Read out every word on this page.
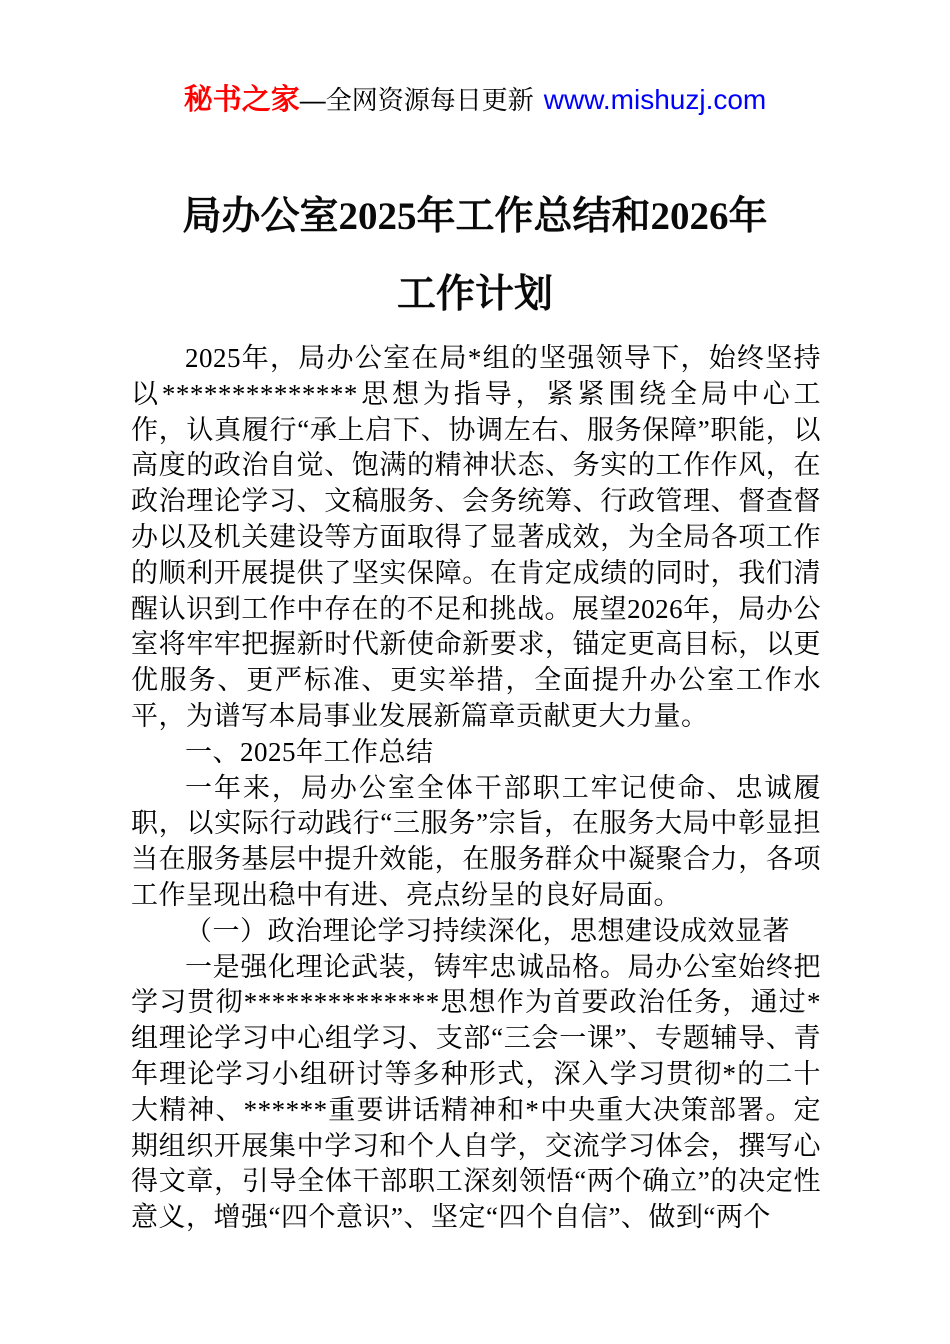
秘书之家—全网资源每日更新 www.mishuzj.com
局办公室2025年工作总结和2026年
工作计划

2025年，局办公室在局*组的坚强领导下，始终坚持以**************思想为指导，紧紧围绕全局中心工作，认真履行“承上启下、协调左右、服务保障”职能，以高度的政治自觉、饱满的精神状态、务实的工作作风，在政治理论学习、文稿服务、会务统筹、行政管理、督查督办以及机关建设等方面取得了显著成效，为全局各项工作的顺利开展提供了坚实保障。在肯定成绩的同时，我们清醒认识到工作中存在的不足和挑战。展望2026年，局办公室将牢牢把握新时代新使命新要求，锚定更高目标，以更优服务、更严标准、更实举措，全面提升办公室工作水平，为谱写本局事业发展新篇章贡献更大力量。

一、2025年工作总结

一年来，局办公室全体干部职工牢记使命、忠诚履职，以实际行动践行“三服务”宗旨，在服务大局中彰显担当在服务基层中提升效能，在服务群众中凝聚合力，各项工作呈现出稳中有进、亮点纷呈的良好局面。

（一）政治理论学习持续深化，思想建设成效显著

一是强化理论武装，铸牢忠诚品格。局办公室始终把学习贯彻**************思想作为首要政治任务，通过*组理论学习中心组学习、支部“三会一课”、专题辅导、青年理论学习小组研讨等多种形式，深入学习贯彻*的二十大精神、******重要讲话精神和*中央重大决策部署。定期组织开展集中学习和个人自学，交流学习体会，撰写心得文章，引导全体干部职工深刻领悟“两个确立”的决定性意义，增强“四个意识”、坚定“四个自信”、做到“两个
